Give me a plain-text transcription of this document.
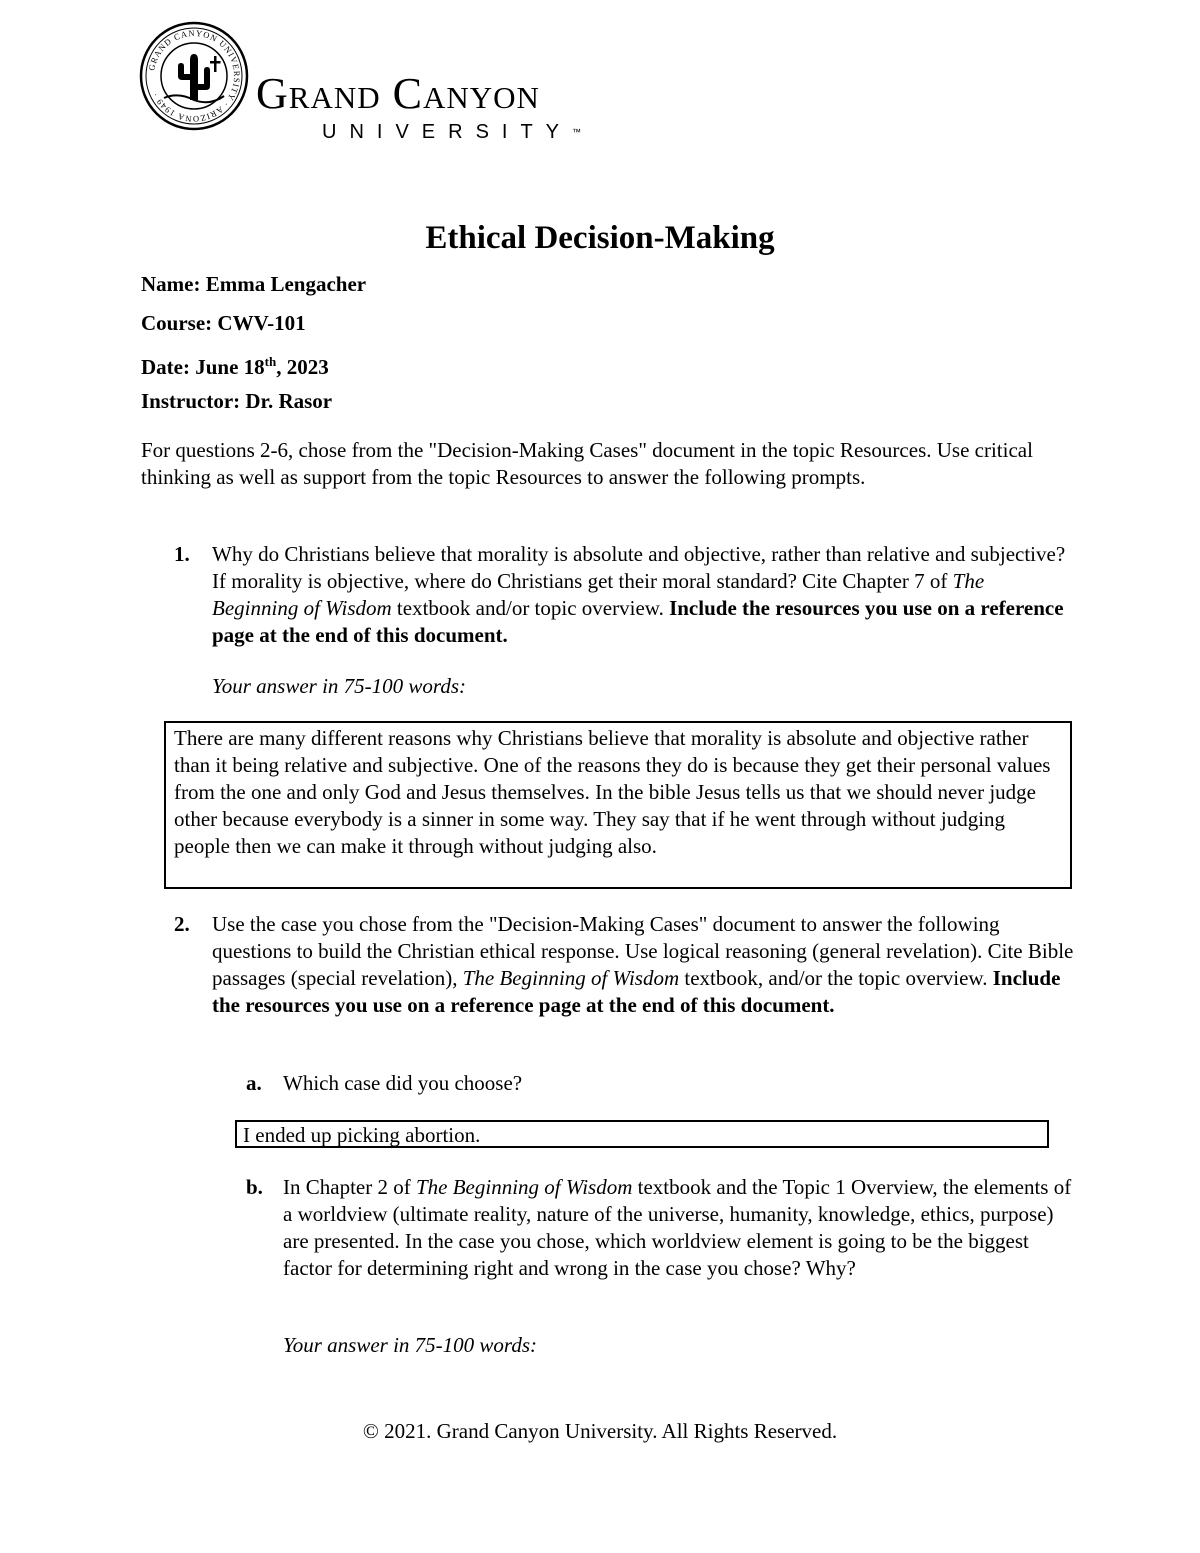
GRAND CANYON UNIVERSITY · ARIZONA 1949 ·	Grand Canyon
UNIVERSITY™
Ethical Decision-Making
Name: Emma Lengacher
Course: CWV-101
Date: June 18th, 2023
Instructor: Dr. Rasor
For questions 2-6, chose from the "Decision-Making Cases" document in the topic Resources. Use critical thinking as well as support from the topic Resources to answer the following prompts.
1. Why do Christians believe that morality is absolute and objective, rather than relative and subjective? If morality is objective, where do Christians get their moral standard? Cite Chapter 7 of The Beginning of Wisdom textbook and/or topic overview. Include the resources you use on a reference page at the end of this document.
Your answer in 75-100 words:
There are many different reasons why Christians believe that morality is absolute and objective rather than it being relative and subjective. One of the reasons they do is because they get their personal values from the one and only God and Jesus themselves. In the bible Jesus tells us that we should never judge other because everybody is a sinner in some way. They say that if he went through without judging people then we can make it through without judging also.
2. Use the case you chose from the "Decision-Making Cases" document to answer the following questions to build the Christian ethical response. Use logical reasoning (general revelation). Cite Bible passages (special revelation), The Beginning of Wisdom textbook, and/or the topic overview. Include the resources you use on a reference page at the end of this document.
a. Which case did you choose?
I ended up picking abortion.
b. In Chapter 2 of The Beginning of Wisdom textbook and the Topic 1 Overview, the elements of a worldview (ultimate reality, nature of the universe, humanity, knowledge, ethics, purpose) are presented. In the case you chose, which worldview element is going to be the biggest factor for determining right and wrong in the case you chose? Why?
Your answer in 75-100 words:
© 2021. Grand Canyon University. All Rights Reserved.
